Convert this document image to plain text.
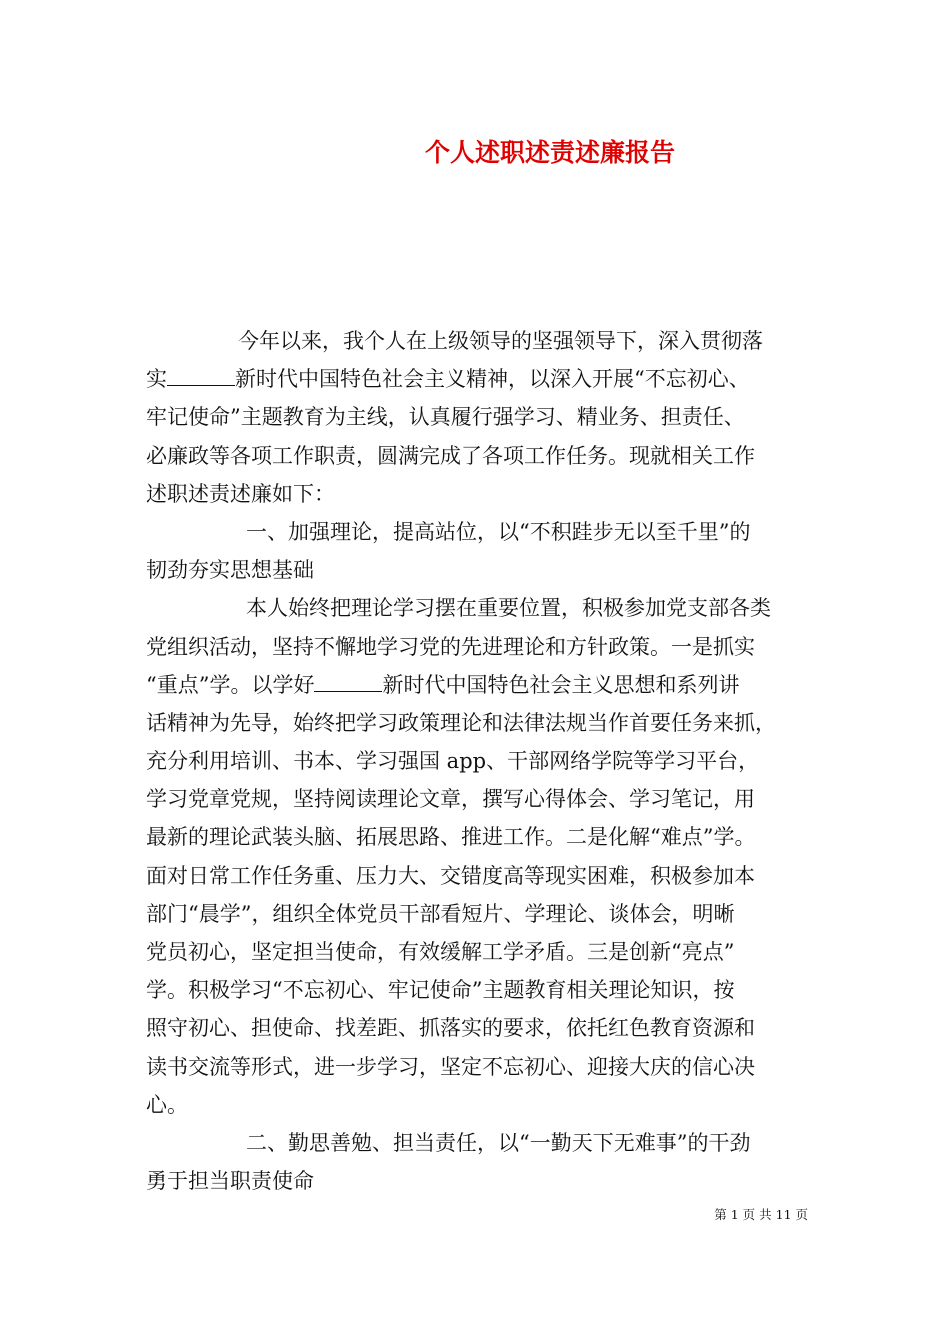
个人述职述责述廉报告
今年以来，我个人在上级领导的坚强领导下，深入贯彻落
实	新时代中国特色社会主义精神，以深入开展“不忘初心、
牢记使命”主题教育为主线，认真履行强学习、精业务、担责任、
必廉政等各项工作职责，圆满完成了各项工作任务。现就相关工作
述职述责述廉如下：
一、加强理论，提高站位，以“不积跬步无以至千里”的
韧劲夯实思想基础
本人始终把理论学习摆在重要位置，积极参加党支部各类
党组织活动，坚持不懈地学习党的先进理论和方针政策。一是抓实
“重点”学。以学好	新时代中国特色社会主义思想和系列讲
话精神为先导，始终把学习政策理论和法律法规当作首要任务来抓，
充分利用培训、书本、学习强国 app、干部网络学院等学习平台，
学习党章党规，坚持阅读理论文章，撰写心得体会、学习笔记，用
最新的理论武装头脑、拓展思路、推进工作。二是化解“难点”学。
面对日常工作任务重、压力大、交错度高等现实困难，积极参加本
部门“晨学”，组织全体党员干部看短片、学理论、谈体会，明晰
党员初心，坚定担当使命，有效缓解工学矛盾。三是创新“亮点”
学。积极学习“不忘初心、牢记使命”主题教育相关理论知识，按
照守初心、担使命、找差距、抓落实的要求，依托红色教育资源和
读书交流等形式，进一步学习，坚定不忘初心、迎接大庆的信心决
心。
二、勤思善勉、担当责任，以“一勤天下无难事”的干劲
勇于担当职责使命
第 1 页 共 11 页
